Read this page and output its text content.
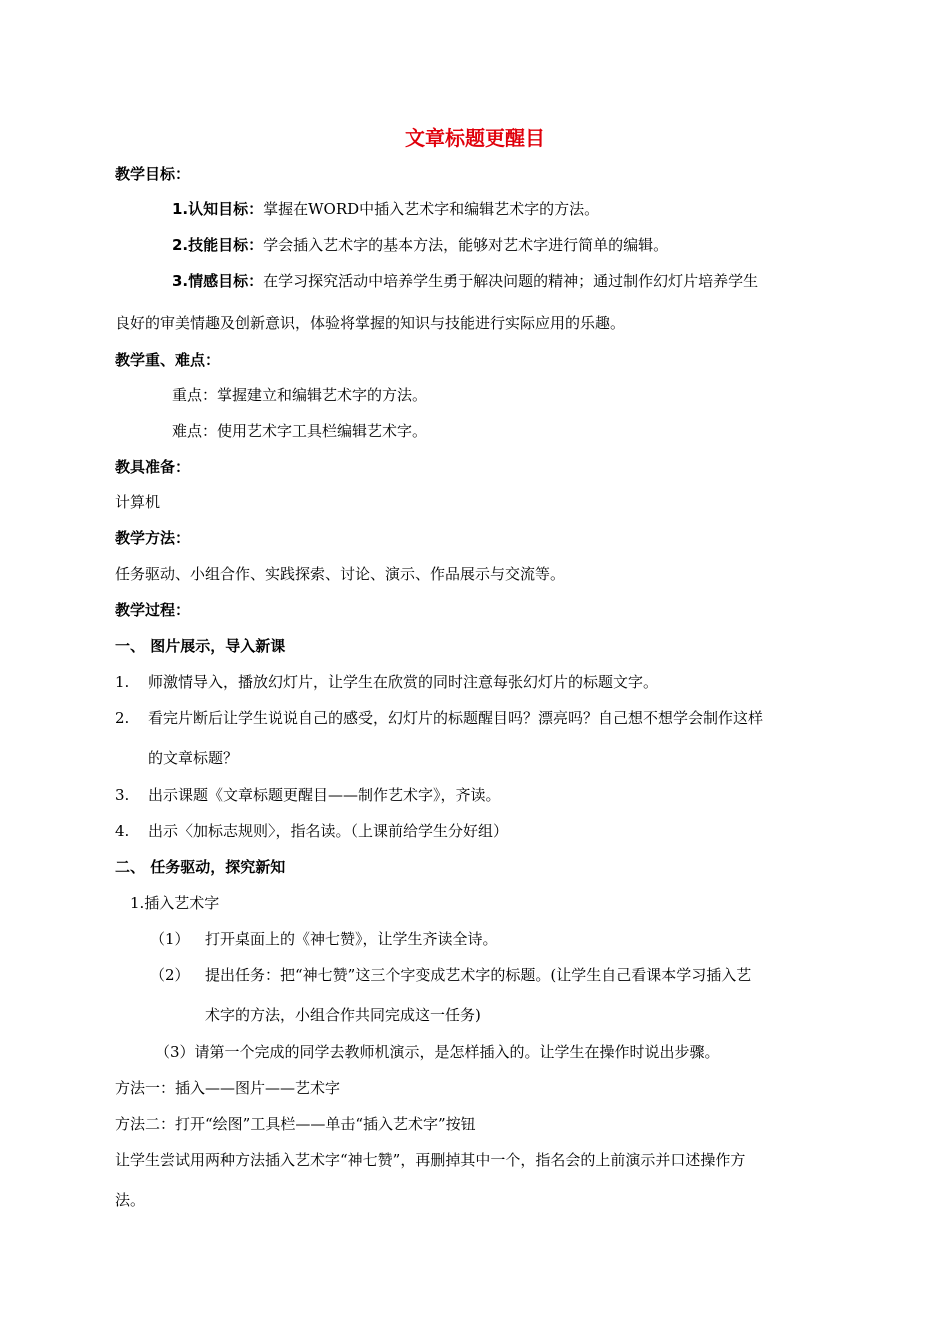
文章标题更醒目
教学目标：
1.认知目标：掌握在WORD中插入艺术字和编辑艺术字的方法。
2.技能目标：学会插入艺术字的基本方法，能够对艺术字进行简单的编辑。
3.情感目标：在学习探究活动中培养学生勇于解决问题的精神；通过制作幻灯片培养学生
良好的审美情趣及创新意识，体验将掌握的知识与技能进行实际应用的乐趣。
教学重、难点：
重点：掌握建立和编辑艺术字的方法。
难点：使用艺术字工具栏编辑艺术字。
教具准备：
计算机
教学方法：
任务驱动、小组合作、实践探索、讨论、演示、作品展示与交流等。
教学过程：
一、 图片展示，导入新课
1. 师激情导入，播放幻灯片，让学生在欣赏的同时注意每张幻灯片的标题文字。
2. 看完片断后让学生说说自己的感受，幻灯片的标题醒目吗？漂亮吗？自己想不想学会制作这样
的文章标题？
3. 出示课题《文章标题更醒目——制作艺术字》，齐读。
4. 出示〈加标志规则〉，指名读。（上课前给学生分好组）
二、 任务驱动，探究新知
1.插入艺术字
（1） 打开桌面上的《神七赞》，让学生齐读全诗。
（2） 提出任务：把“神七赞”这三个字变成艺术字的标题。(让学生自己看课本学习插入艺
术字的方法，小组合作共同完成这一任务)
（3）请第一个完成的同学去教师机演示，是怎样插入的。让学生在操作时说出步骤。
方法一：插入——图片——艺术字
方法二：打开“绘图”工具栏——单击“插入艺术字”按钮
让学生尝试用两种方法插入艺术字“神七赞”，再删掉其中一个，指名会的上前演示并口述操作方
法。
